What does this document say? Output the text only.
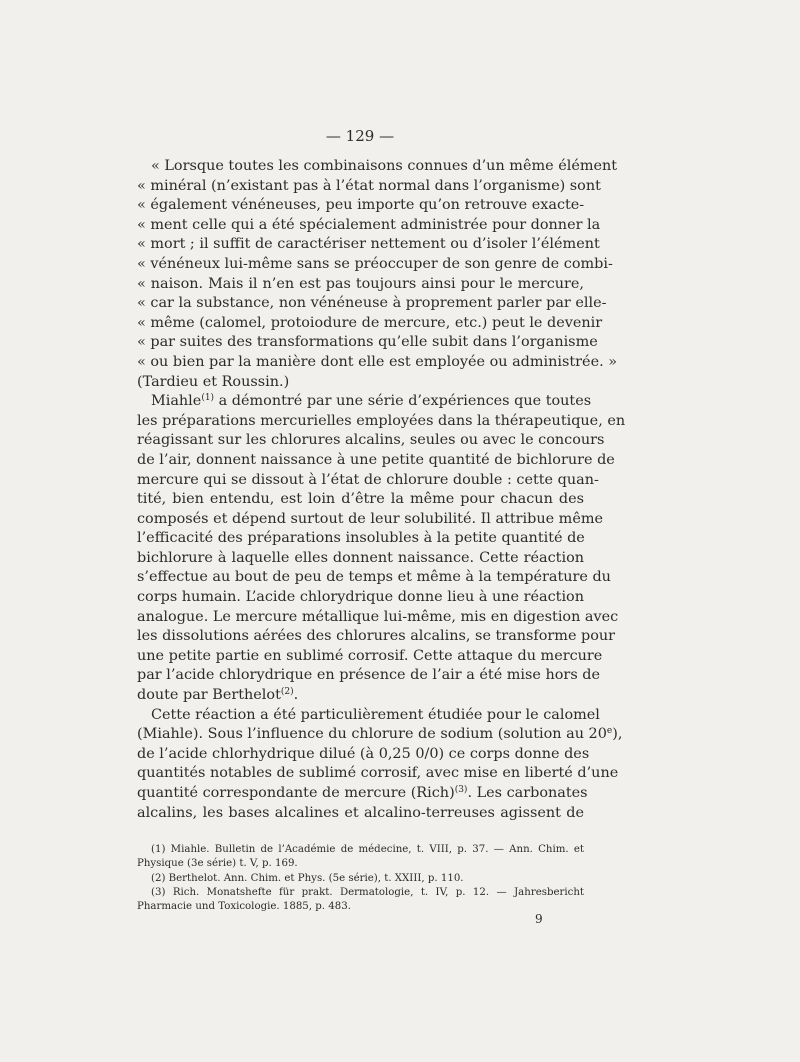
— 129 —
« Lorsque toutes les combinaisons connues d’un même élément
« minéral (n’existant pas à l’état normal dans l’organisme) sont
« également vénéneuses, peu importe qu’on retrouve exacte-
« ment celle qui a été spécialement administrée pour donner la
« mort ; il suffit de caractériser nettement ou d’isoler l’élément
« vénéneux lui-même sans se préoccuper de son genre de combi-
« naison. Mais il n’en est pas toujours ainsi pour le mercure,
« car la substance, non vénéneuse à proprement parler par elle-
« même (calomel, protoiodure de mercure, etc.) peut le devenir
« par suites des transformations qu’elle subit dans l’organisme
« ou bien par la manière dont elle est employée ou administrée. »
(Tardieu et Roussin.)
Miahle$^{(1)}$ a démontré par une série d’expériences que toutes
les préparations mercurielles employées dans la thérapeutique, en
réagissant sur les chlorures alcalins, seules ou avec le concours
de l’air, donnent naissance à une petite quantité de bichlorure de
mercure qui se dissout à l’état de chlorure double : cette quan-
tité, bien entendu, est loin d’être la même pour chacun des
composés et dépend surtout de leur solubilité. Il attribue même
l’efficacité des préparations insolubles à la petite quantité de
bichlorure à laquelle elles donnent naissance. Cette réaction
s’effectue au bout de peu de temps et même à la température du
corps humain. L’acide chlorydrique donne lieu à une réaction
analogue. Le mercure métallique lui-même, mis en digestion avec
les dissolutions aérées des chlorures alcalins, se transforme pour
une petite partie en sublimé corrosif. Cette attaque du mercure
par l’acide chlorydrique en présence de l’air a été mise hors de
doute par Berthelot$^{(2)}$.
Cette réaction a été particulièrement étudiée pour le calomel
(Miahle). Sous l’influence du chlorure de sodium (solution au 20e),
de l’acide chlorhydrique dilué (à 0,25 0/0) ce corps donne des
quantités notables de sublimé corrosif, avec mise en liberté d’une
quantité correspondante de mercure (Rich)$^{(3)}$. Les carbonates
alcalins, les bases alcalines et alcalino-terreuses agissent de
(1) Miahle. Bulletin de l’Académie de médecine, t. VIII, p. 37. — Ann. Chim. et
Physique (3e série) t. V, p. 169.
(2) Berthelot. Ann. Chim. et Phys. (5e série), t. XXIII, p. 110.
(3) Rich. Monatshefte für prakt. Dermatologie, t. IV, p. 12. — Jahresbericht
Pharmacie und Toxicologie. 1885, p. 483.
9
